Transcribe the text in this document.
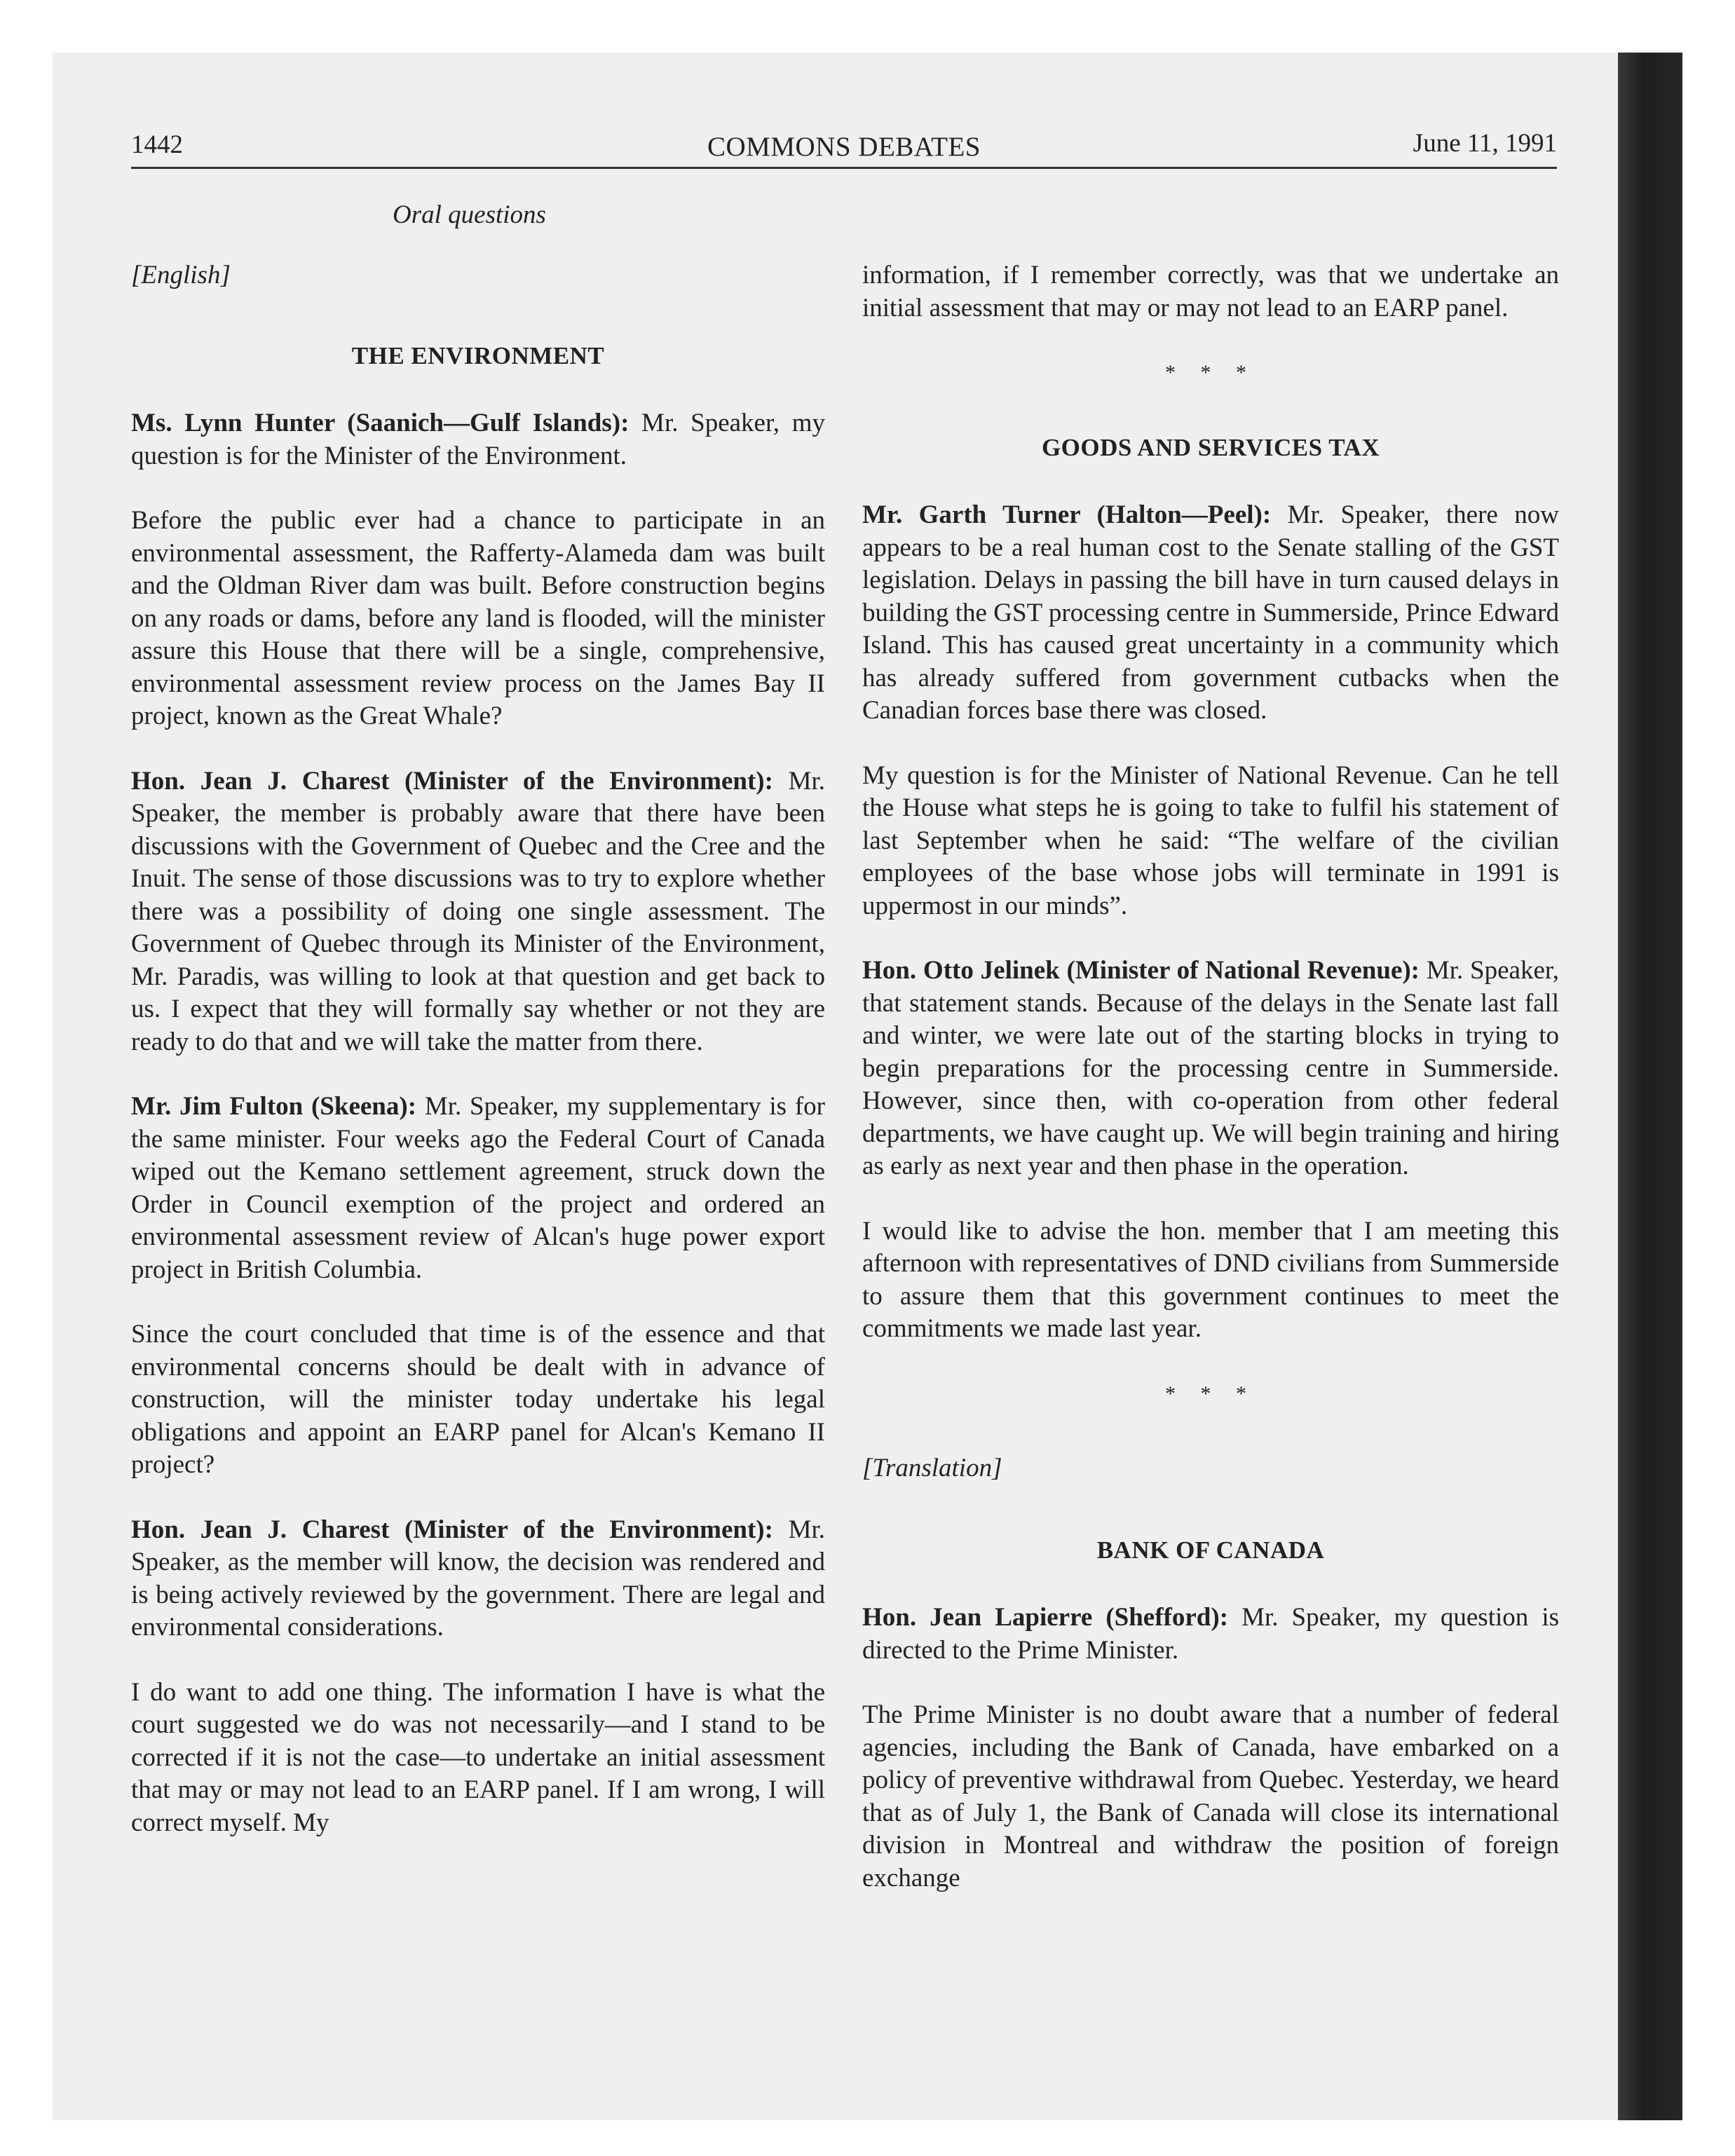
1442	COMMONS DEBATES	June 11, 1991
Oral questions
[English]
THE ENVIRONMENT

Ms. Lynn Hunter (Saanich—Gulf Islands): Mr. Speaker, my question is for the Minister of the Environment.

Before the public ever had a chance to participate in an environmental assessment, the Rafferty-Alameda dam was built and the Oldman River dam was built. Before construction begins on any roads or dams, before any land is flooded, will the minister assure this House that there will be a single, comprehensive, environmental assessment review process on the James Bay II project, known as the Great Whale?

Hon. Jean J. Charest (Minister of the Environment): Mr. Speaker, the member is probably aware that there have been discussions with the Government of Quebec and the Cree and the Inuit. The sense of those discussions was to try to explore whether there was a possibility of doing one single assessment. The Government of Quebec through its Minister of the Environment, Mr. Paradis, was willing to look at that question and get back to us. I expect that they will formally say whether or not they are ready to do that and we will take the matter from there.

Mr. Jim Fulton (Skeena): Mr. Speaker, my supplementary is for the same minister. Four weeks ago the Federal Court of Canada wiped out the Kemano settlement agreement, struck down the Order in Council exemption of the project and ordered an environmental assessment review of Alcan's huge power export project in British Columbia.

Since the court concluded that time is of the essence and that environmental concerns should be dealt with in advance of construction, will the minister today undertake his legal obligations and appoint an EARP panel for Alcan's Kemano II project?

Hon. Jean J. Charest (Minister of the Environment): Mr. Speaker, as the member will know, the decision was rendered and is being actively reviewed by the government. There are legal and environmental considerations.

I do want to add one thing. The information I have is what the court suggested we do was not necessarily—and I stand to be corrected if it is not the case—to undertake an initial assessment that may or may not lead to an EARP panel. If I am wrong, I will correct myself. My

information, if I remember correctly, was that we undertake an initial assessment that may or may not lead to an EARP panel.

* * *
GOODS AND SERVICES TAX

Mr. Garth Turner (Halton—Peel): Mr. Speaker, there now appears to be a real human cost to the Senate stalling of the GST legislation. Delays in passing the bill have in turn caused delays in building the GST processing centre in Summerside, Prince Edward Island. This has caused great uncertainty in a community which has already suffered from government cutbacks when the Canadian forces base there was closed.

My question is for the Minister of National Revenue. Can he tell the House what steps he is going to take to fulfil his statement of last September when he said: “The welfare of the civilian employees of the base whose jobs will terminate in 1991 is uppermost in our minds”.

Hon. Otto Jelinek (Minister of National Revenue): Mr. Speaker, that statement stands. Because of the delays in the Senate last fall and winter, we were late out of the starting blocks in trying to begin preparations for the processing centre in Summerside. However, since then, with co-operation from other federal departments, we have caught up. We will begin training and hiring as early as next year and then phase in the operation.

I would like to advise the hon. member that I am meeting this afternoon with representatives of DND civilians from Summerside to assure them that this government continues to meet the commitments we made last year.

* * *
[Translation]
BANK OF CANADA

Hon. Jean Lapierre (Shefford): Mr. Speaker, my question is directed to the Prime Minister.

The Prime Minister is no doubt aware that a number of federal agencies, including the Bank of Canada, have embarked on a policy of preventive withdrawal from Quebec. Yesterday, we heard that as of July 1, the Bank of Canada will close its international division in Montreal and withdraw the position of foreign exchange
